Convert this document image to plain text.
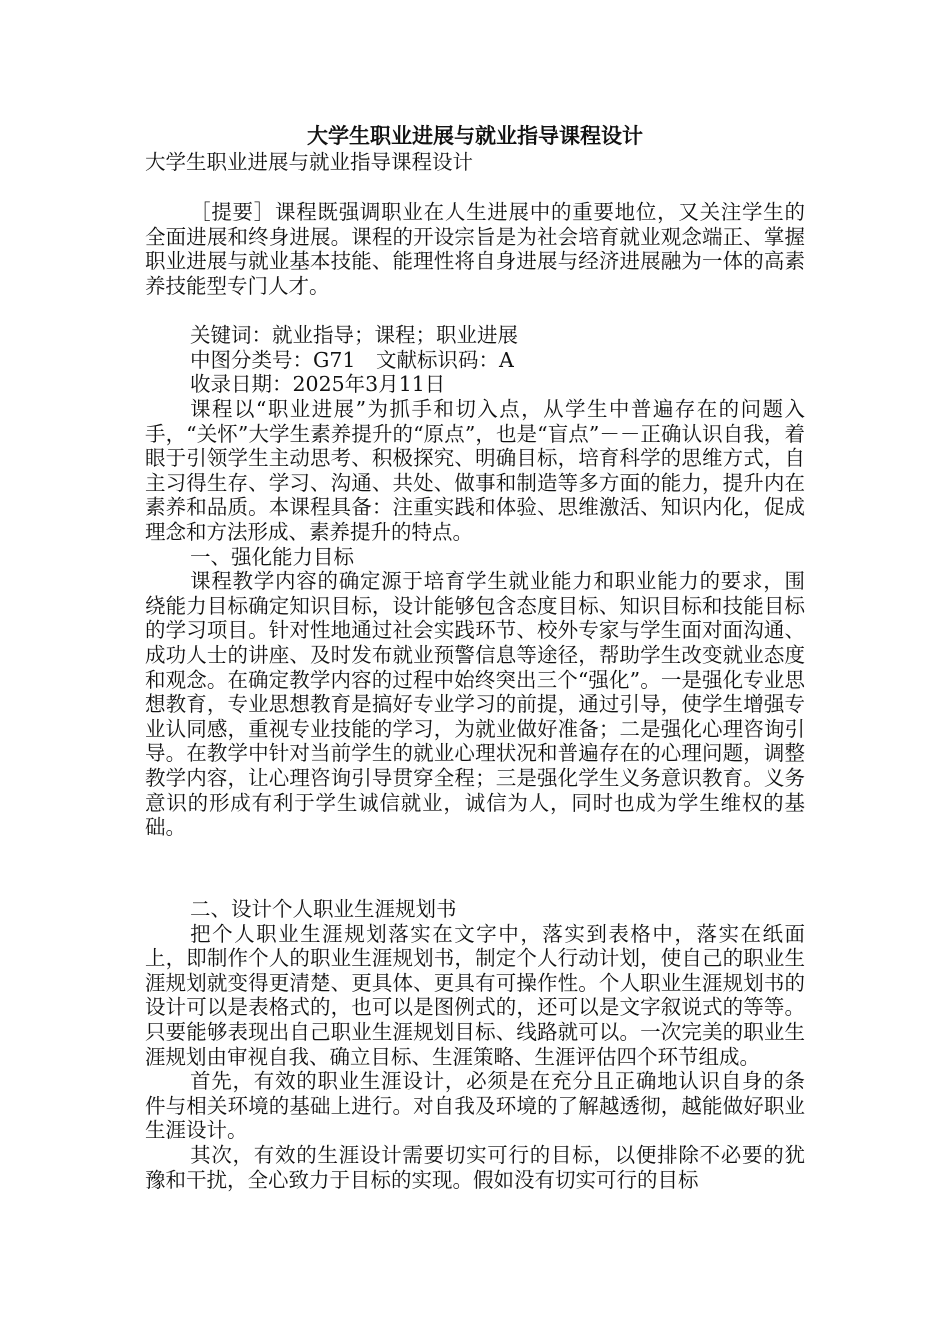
大学生职业进展与就业指导课程设计
大学生职业进展与就业指导课程设计

［提要］课程既强调职业在人生进展中的重要地位，又关注学生的全面进展和终身进展。课程的开设宗旨是为社会培育就业观念端正、掌握职业进展与就业基本技能、能理性将自身进展与经济进展融为一体的高素养技能型专门人才。

关键词：就业指导；课程；职业进展

中图分类号：G71　文献标识码：A

收录日期：2025年3月11日

课程以“职业进展”为抓手和切入点，从学生中普遍存在的问题入手，“关怀”大学生素养提升的“原点”，也是“盲点”－－正确认识自我，着眼于引领学生主动思考、积极探究、明确目标，培育科学的思维方式，自主习得生存、学习、沟通、共处、做事和制造等多方面的能力，提升内在素养和品质。本课程具备：注重实践和体验、思维激活、知识内化，促成理念和方法形成、素养提升的特点。

一、强化能力目标

课程教学内容的确定源于培育学生就业能力和职业能力的要求，围绕能力目标确定知识目标，设计能够包含态度目标、知识目标和技能目标的学习项目。针对性地通过社会实践环节、校外专家与学生面对面沟通、成功人士的讲座、及时发布就业预警信息等途径，帮助学生改变就业态度和观念。在确定教学内容的过程中始终突出三个“强化”。一是强化专业思想教育，专业思想教育是搞好专业学习的前提，通过引导，使学生增强专业认同感，重视专业技能的学习，为就业做好准备；二是强化心理咨询引导。在教学中针对当前学生的就业心理状况和普遍存在的心理问题，调整教学内容，让心理咨询引导贯穿全程；三是强化学生义务意识教育。义务意识的形成有利于学生诚信就业，诚信为人，同时也成为学生维权的基础。

二、设计个人职业生涯规划书

把个人职业生涯规划落实在文字中，落实到表格中，落实在纸面上，即制作个人的职业生涯规划书，制定个人行动计划，使自己的职业生涯规划就变得更清楚、更具体、更具有可操作性。个人职业生涯规划书的设计可以是表格式的，也可以是图例式的，还可以是文字叙说式的等等。只要能够表现出自己职业生涯规划目标、线路就可以。一次完美的职业生涯规划由审视自我、确立目标、生涯策略、生涯评估四个环节组成。

首先，有效的职业生涯设计，必须是在充分且正确地认识自身的条件与相关环境的基础上进行。对自我及环境的了解越透彻，越能做好职业生涯设计。

其次，有效的生涯设计需要切实可行的目标，以便排除不必要的犹豫和干扰，全心致力于目标的实现。假如没有切实可行的目标
